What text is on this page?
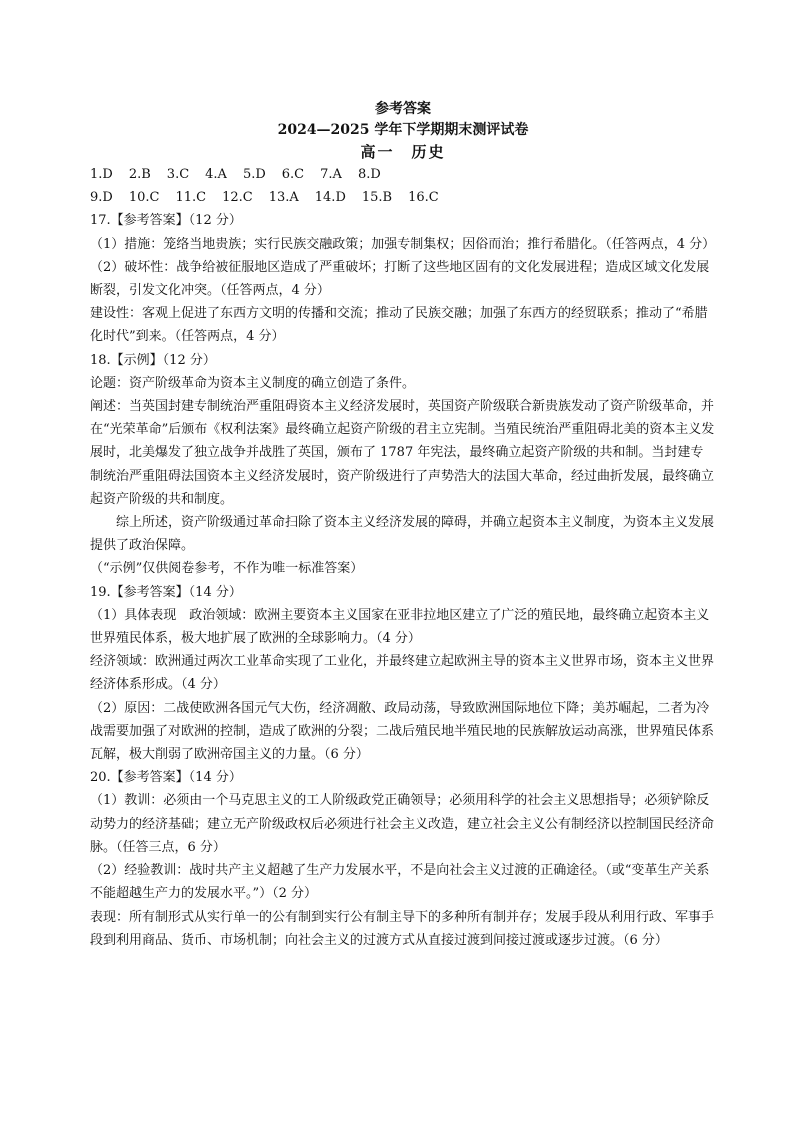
参考答案
2024—2025 学年下学期期末测评试卷
高一　历史
1.D 2.B 3.C 4.A 5.D 6.C 7.A 8.D
9.D 10.C 11.C 12.C 13.A 14.D 15.B 16.C
17.【参考答案】（12 分）
（1）措施：笼络当地贵族；实行民族交融政策；加强专制集权；因俗而治；推行希腊化。（任答两点，4 分）
（2）破坏性：战争给被征服地区造成了严重破坏；打断了这些地区固有的文化发展进程；造成区域文化发展断裂，引发文化冲突。（任答两点，4 分）
建设性：客观上促进了东西方文明的传播和交流；推动了民族交融；加强了东西方的经贸联系；推动了“希腊化时代”到来。（任答两点，4 分）
18.【示例】（12 分）
论题：资产阶级革命为资本主义制度的确立创造了条件。
阐述：当英国封建专制统治严重阻碍资本主义经济发展时，英国资产阶级联合新贵族发动了资产阶级革命，并在“光荣革命”后颁布《权利法案》最终确立起资产阶级的君主立宪制。当殖民统治严重阻碍北美的资本主义发展时，北美爆发了独立战争并战胜了英国，颁布了 1787 年宪法，最终确立起资产阶级的共和制。当封建专制统治严重阻碍法国资本主义经济发展时，资产阶级进行了声势浩大的法国大革命，经过曲折发展，最终确立起资产阶级的共和制度。
综上所述，资产阶级通过革命扫除了资本主义经济发展的障碍，并确立起资本主义制度，为资本主义发展提供了政治保障。
（“示例”仅供阅卷参考，不作为唯一标准答案）
19.【参考答案】（14 分）
（1）具体表现　政治领域：欧洲主要资本主义国家在亚非拉地区建立了广泛的殖民地，最终确立起资本主义世界殖民体系，极大地扩展了欧洲的全球影响力。（4 分）
经济领域：欧洲通过两次工业革命实现了工业化，并最终建立起欧洲主导的资本主义世界市场，资本主义世界经济体系形成。（4 分）
（2）原因：二战使欧洲各国元气大伤，经济凋敝、政局动荡，导致欧洲国际地位下降；美苏崛起，二者为冷战需要加强了对欧洲的控制，造成了欧洲的分裂；二战后殖民地半殖民地的民族解放运动高涨，世界殖民体系瓦解，极大削弱了欧洲帝国主义的力量。（6 分）
20.【参考答案】（14 分）
（1）教训：必须由一个马克思主义的工人阶级政党正确领导；必须用科学的社会主义思想指导；必须铲除反动势力的经济基础；建立无产阶级政权后必须进行社会主义改造，建立社会主义公有制经济以控制国民经济命脉。（任答三点，6 分）
（2）经验教训：战时共产主义超越了生产力发展水平，不是向社会主义过渡的正确途径。（或“变革生产关系不能超越生产力的发展水平。”）（2 分）
表现：所有制形式从实行单一的公有制到实行公有制主导下的多种所有制并存；发展手段从利用行政、军事手段到利用商品、货币、市场机制；向社会主义的过渡方式从直接过渡到间接过渡或逐步过渡。（6 分）
